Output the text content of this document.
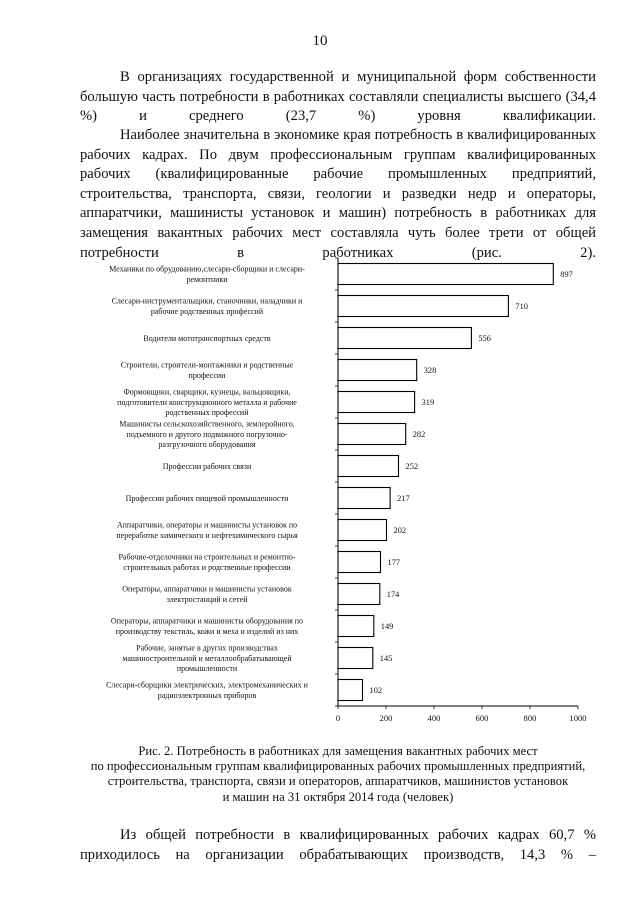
10

В организациях государственной и муниципальной форм собственности большую часть потребности в работниках составляли специалисты высшего (34,4 %) и среднего (23,7 %) уровня квалификации.

Наиболее значительна в экономике края потребность в квалифицированных рабочих кадрах. По двум профессиональным группам квалифицированных рабочих (квалифицированные рабочие промышленных предприятий, строительства, транспорта, связи, геологии и разведки недр и операторы, аппаратчики, машинисты установок и машин) потребность в работниках для замещения вакантных рабочих мест составляла чуть более трети от общей потребности в работниках (рис. 2).

Механики по обрудованию,слесари-сборщики и слесари-ремонтники
Слесари-инструментальщики, станочники, наладчики и рабочие родственных профессий
Водители мототранспортных средств
Строители, строители-монтажники и родственные профессии
Формовщики, сварщики, кузнецы, вальцовщики, подготовители конструкционного металла и рабочие родственных профессий
Машинисты сельскохозяйственного, землеройного, подъемного и другого подвижного погрузочно-разгрузочного оборудования
Профессии рабочих связи
Профессии рабочих пищевой промышленности
Аппаратчики, операторы и машинисты установок по переработке химического и нефтехимического сырья
Рабочие-отделочники на строительных и ремонтно-строительных работах и родственные профессии
Операторы, аппаратчики и машинисты установок электростанций и сетей
Операторы, аппаратчики и машинисты оборудования по производству текстиль, кожи и меха и изделий из них
Рабочие, занятые в других производствах машиностроительной и металлообрабатывающей промышленности
Слесари-сборщики электрических, электромеханических и радиоэлектронных приборов
897
710
556
328
319
282
252
217
202
177
174
149
145
102
0	200	400	600	800	1000
Рис. 2. Потребность в работниках для замещения вакантных рабочих мест
по профессиональным группам квалифицированных рабочих промышленных предприятий,
строительства, транспорта, связи и операторов, аппаратчиков, машинистов установок
и машин на 31 октября 2014 года (человек)
Из общей потребности в квалифицированных рабочих кадрах 60,7 %
приходилось на организации обрабатывающих производств, 14,3 % –
